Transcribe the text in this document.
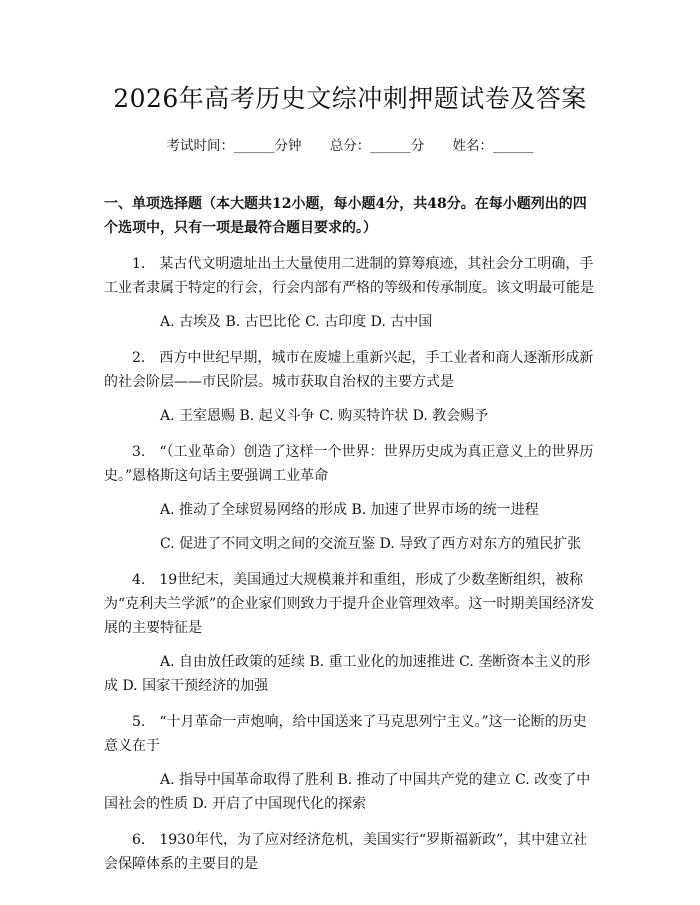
2026年高考历史文综冲刺押题试卷及答案
考试时间：______分钟 总分：______分 姓名：______
一、单项选择题（本大题共12小题，每小题4分，共48分。在每小题列出的四个选项中，只有一项是最符合题目要求的。）
1.　某古代文明遗址出土大量使用二进制的算筹痕迹，其社会分工明确，手工业者隶属于特定的行会，行会内部有严格的等级和传承制度。该文明最可能是
A. 古埃及 B. 古巴比伦 C. 古印度 D. 古中国
2.　西方中世纪早期，城市在废墟上重新兴起，手工业者和商人逐渐形成新的社会阶层——市民阶层。城市获取自治权的主要方式是
A. 王室恩赐 B. 起义斗争 C. 购买特许状 D. 教会赐予
3.　“（工业革命）创造了这样一个世界：世界历史成为真正意义上的世界历史。”恩格斯这句话主要强调工业革命
A. 推动了全球贸易网络的形成 B. 加速了世界市场的统一进程
C. 促进了不同文明之间的交流互鉴 D. 导致了西方对东方的殖民扩张
4.　19世纪末，美国通过大规模兼并和重组，形成了少数垄断组织，被称为“克利夫兰学派”的企业家们则致力于提升企业管理效率。这一时期美国经济发展的主要特征是
A. 自由放任政策的延续 B. 重工业化的加速推进 C. 垄断资本主义的形成 D. 国家干预经济的加强
5.　“十月革命一声炮响，给中国送来了马克思列宁主义。”这一论断的历史意义在于
A. 指导中国革命取得了胜利 B. 推动了中国共产党的建立 C. 改变了中国社会的性质 D. 开启了中国现代化的探索
6.　1930年代，为了应对经济危机，美国实行“罗斯福新政”，其中建立社会保障体系的主要目的是
